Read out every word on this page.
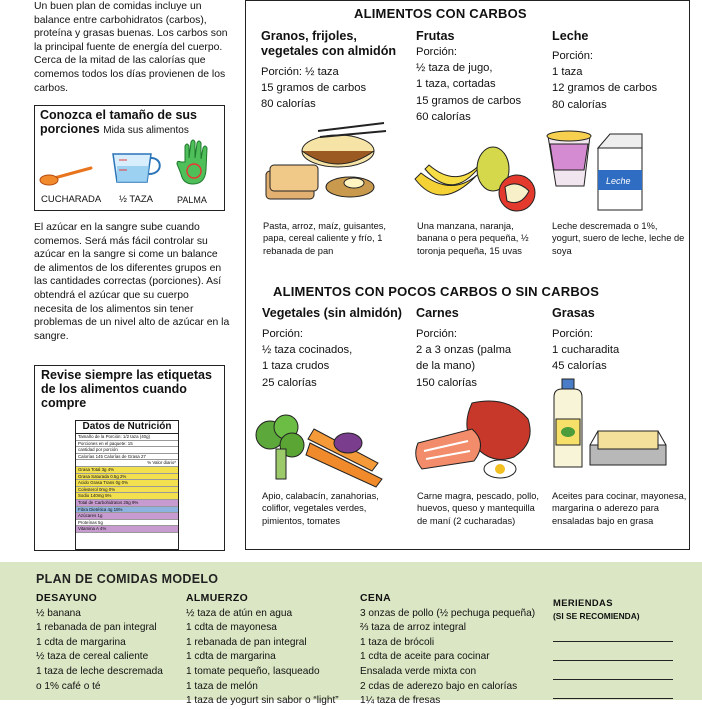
Un buen plan de comidas incluye un balance entre carbohidratos (carbos), proteína y grasas buenas. Los carbos son la principal fuente de energía del cuerpo. Cerca de la mitad de las calorías que comemos todos los días provienen de los carbos.
Conozca el tamaño de sus porciones Mida sus alimentos
CUCHARADA ½ TAZA	PALMA
El azúcar en la sangre sube cuando comemos. Será más fácil controlar su azúcar en la sangre si come un balance de alimentos de los diferentes grupos en las cantidades correctas (porciones). Así obtendrá el azúcar que su cuerpo necesita de los alimentos sin tener problemas de un nivel alto de azúcar en la sangre.
Revise siempre las etiquetas de los alimentos cuando compre
Datos de Nutrición
Tamaño de la Porción: 1/2 taza (40g)
Porciones en el paquete: 15
cantidad por porción
Calorías 145 Calorías de Grasa 27
% Valor diario*
Grasa Total 3g 4%
Grasa Saturada 0.5g 2%
Acido Grasa Trans 0g 0%
Colesterol 0mg 0%
Sodio 140mg 5%
Total de Carbohidratos 25g 9%
Fibra Dietética 4g 15%
Azúcares 1g
Proteínas 5g
Vitamina A 4%
ALIMENTOS CON CARBOS
Granos, frijoles, vegetales con almidón
Porción: ½ taza
15 gramos de carbos
80 calorías
Pasta, arroz, maíz, guisantes, papa, cereal caliente y frío, 1 rebanada de pan
Frutas
Porción:
½ taza de jugo,
1 taza, cortadas
15 gramos de carbos
60 calorías
Una manzana, naranja, banana o pera pequeña, ½ toronja pequeña, 15 uvas
Leche
Porción:
1 taza
12 gramos de carbos
80 calorías
Leche
Leche descremada o 1%, yogurt, suero de leche, leche de soya
ALIMENTOS CON POCOS CARBOS O SIN CARBOS
Vegetales (sin almidón)
Porción:
½ taza cocinados,
1 taza crudos
25 calorías
Apio, calabacín, zanahorias, coliflor, vegetales verdes, pimientos, tomates
Carnes
Porción:
2 a 3 onzas (palma
de la mano)
150 calorías
Carne magra, pescado, pollo, huevos, queso y mantequilla de maní (2 cucharadas)
Grasas
Porción:
1 cucharadita
45 calorías
Aceites para cocinar, mayonesa, margarina o aderezo para ensaladas bajo en grasa
PLAN DE COMIDAS MODELO
DESAYUNO
½ banana
1 rebanada de pan integral
1 cdta de margarina
½ taza de cereal caliente
1 taza de leche descremada
o 1% café o té
ALMUERZO
½ taza de atún en agua
1 cdta de mayonesa
1 rebanada de pan integral
1 cdta de margarina
1 tomate pequeño, lasqueado
1 taza de melón
1 taza de yogurt sin sabor o “light”
CENA
3 onzas de pollo (½ pechuga pequeña)
⅔ taza de arroz integral
1 taza de brócoli
1 cdta de aceite para cocinar
Ensalada verde mixta con
2 cdas de aderezo bajo en calorías
1¼ taza de fresas
MERIENDAS
(SI SE RECOMIENDA)
